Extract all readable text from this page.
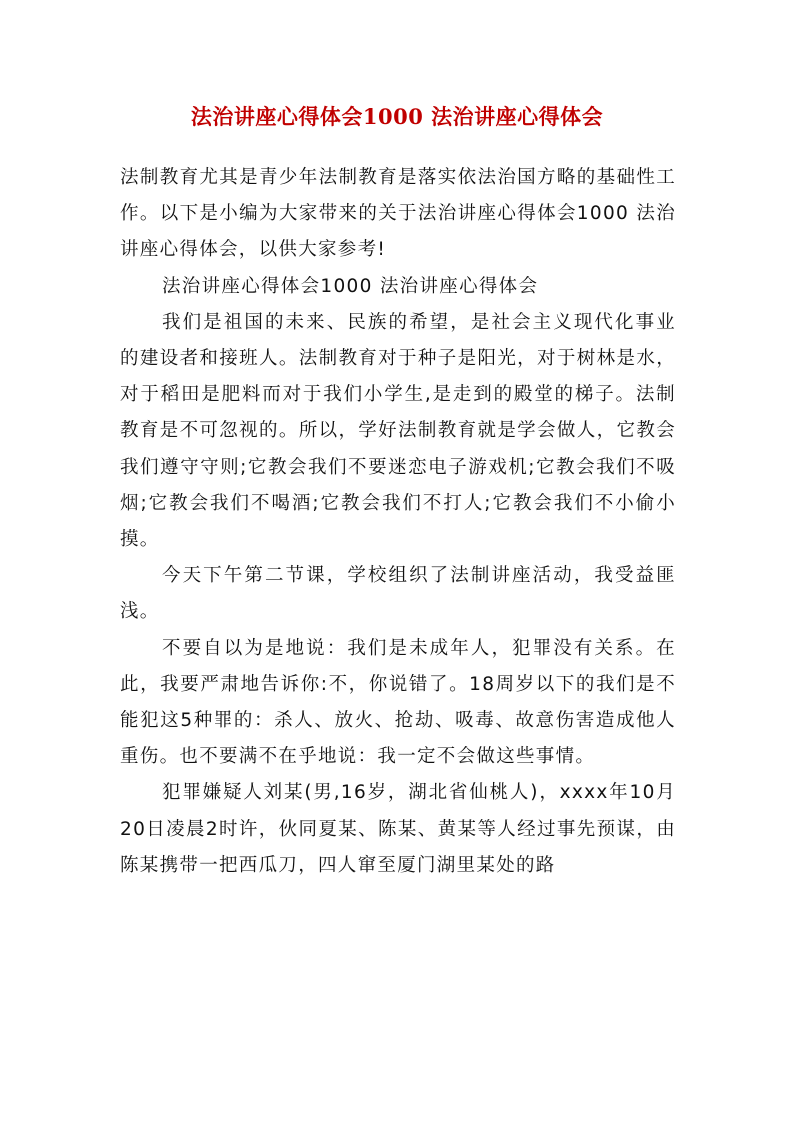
法治讲座心得体会1000 法治讲座心得体会

法制教育尤其是青少年法制教育是落实依法治国方略的基础性工作。以下是小编为大家带来的关于法治讲座心得体会1000 法治讲座心得体会，以供大家参考!

法治讲座心得体会1000 法治讲座心得体会

我们是祖国的未来、民族的希望，是社会主义现代化事业的建设者和接班人。法制教育对于种子是阳光，对于树林是水，对于稻田是肥料而对于我们小学生,是走到的殿堂的梯子。法制教育是不可忽视的。所以，学好法制教育就是学会做人，它教会我们遵守守则;它教会我们不要迷恋电子游戏机;它教会我们不吸烟;它教会我们不喝酒;它教会我们不打人;它教会我们不小偷小摸。

今天下午第二节课，学校组织了法制讲座活动，我受益匪浅。

不要自以为是地说：我们是未成年人，犯罪没有关系。在此，我要严肃地告诉你:不，你说错了。18周岁以下的我们是不能犯这5种罪的：杀人、放火、抢劫、吸毒、故意伤害造成他人重伤。也不要满不在乎地说：我一定不会做这些事情。

犯罪嫌疑人刘某(男,16岁，湖北省仙桃人)，xxxx年10月20日凌晨2时许，伙同夏某、陈某、黄某等人经过事先预谋，由陈某携带一把西瓜刀，四人窜至厦门湖里某处的路
